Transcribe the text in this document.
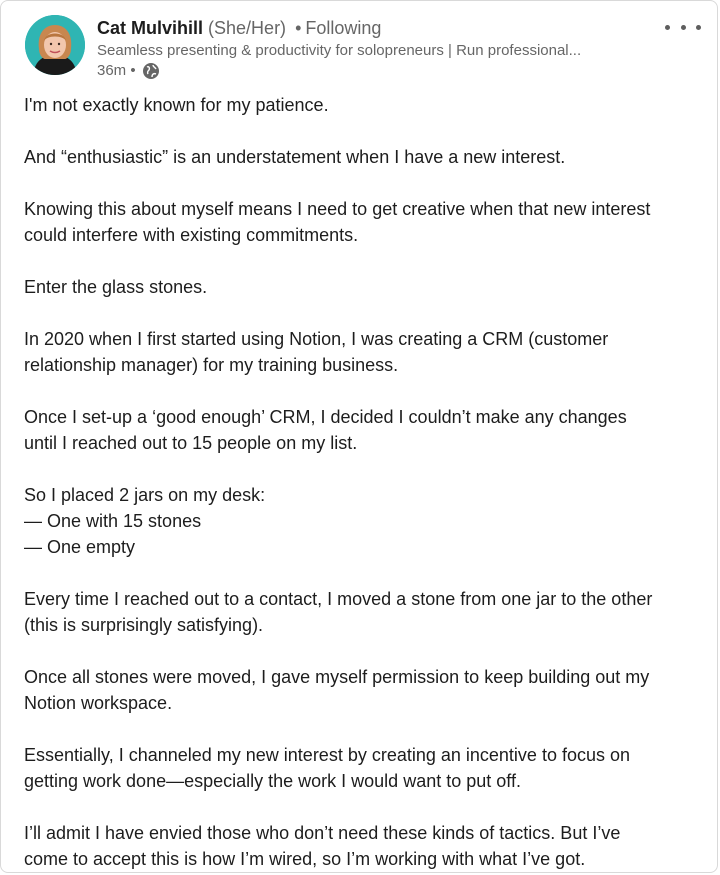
Cat Mulvihill (She/Her) • Following
Seamless presenting & productivity for solopreneurs | Run professional...
36m •

I'm not exactly known for my patience.

And “enthusiastic” is an understatement when I have a new interest.

Knowing this about myself means I need to get creative when that new interest
could interfere with existing commitments.

Enter the glass stones.

In 2020 when I first started using Notion, I was creating a CRM (customer
relationship manager) for my training business.

Once I set-up a ‘good enough’ CRM, I decided I couldn’t make any changes
until I reached out to 15 people on my list.

So I placed 2 jars on my desk:
— One with 15 stones
— One empty

Every time I reached out to a contact, I moved a stone from one jar to the other
(this is surprisingly satisfying).

Once all stones were moved, I gave myself permission to keep building out my
Notion workspace.

Essentially, I channeled my new interest by creating an incentive to focus on
getting work done—especially the work I would want to put off.

I’ll admit I have envied those who don’t need these kinds of tactics. But I’ve
come to accept this is how I’m wired, so I’m working with what I’ve got.
